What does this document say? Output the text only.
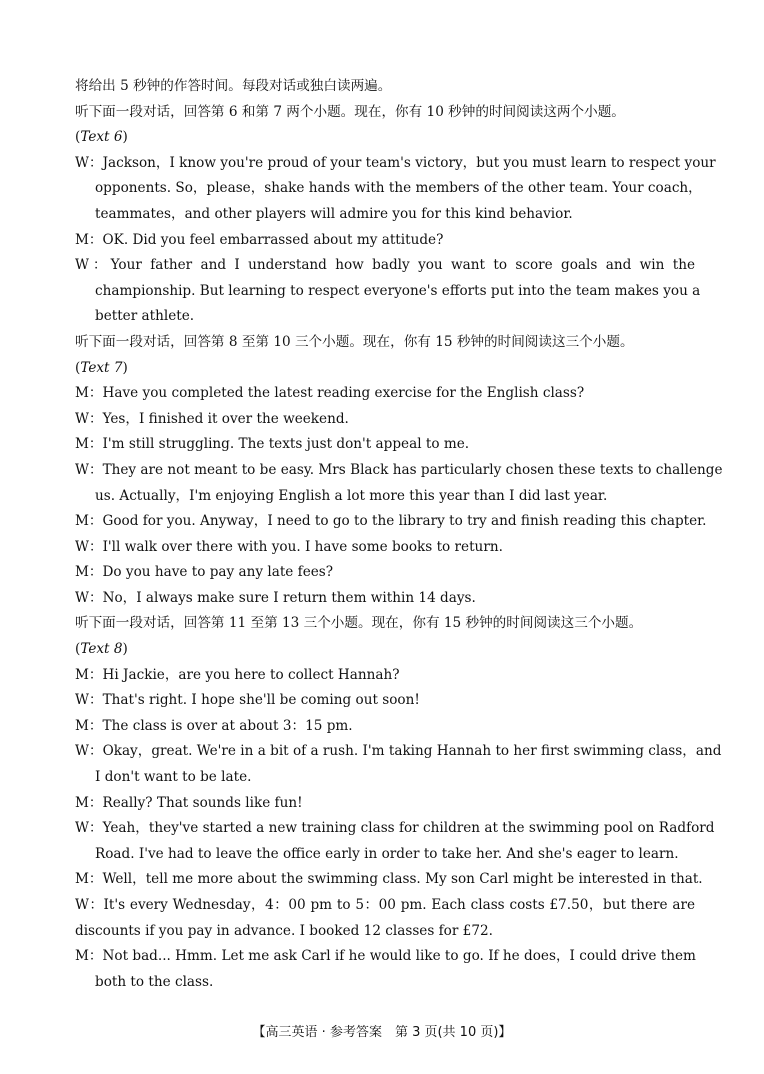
将给出 5 秒钟的作答时间。每段对话或独白读两遍。
听下面一段对话，回答第 6 和第 7 两个小题。现在，你有 10 秒钟的时间阅读这两个小题。
(Text 6)
W：Jackson，I know you're proud of your team's victory，but you must learn to respect your
opponents. So，please，shake hands with the members of the other team. Your coach，
teammates，and other players will admire you for this kind behavior.
M：OK. Did you feel embarrassed about my attitude?
W：Your father and I understand how badly you want to score goals and win the
championship. But learning to respect everyone's efforts put into the team makes you a
better athlete.
听下面一段对话，回答第 8 至第 10 三个小题。现在，你有 15 秒钟的时间阅读这三个小题。
(Text 7)
M：Have you completed the latest reading exercise for the English class?
W：Yes，I finished it over the weekend.
M：I'm still struggling. The texts just don't appeal to me.
W：They are not meant to be easy. Mrs Black has particularly chosen these texts to challenge
us. Actually，I'm enjoying English a lot more this year than I did last year.
M：Good for you. Anyway，I need to go to the library to try and finish reading this chapter.
W：I'll walk over there with you. I have some books to return.
M：Do you have to pay any late fees?
W：No，I always make sure I return them within 14 days.
听下面一段对话，回答第 11 至第 13 三个小题。现在，你有 15 秒钟的时间阅读这三个小题。
(Text 8)
M：Hi Jackie，are you here to collect Hannah?
W：That's right. I hope she'll be coming out soon!
M：The class is over at about 3：15 pm.
W：Okay，great. We're in a bit of a rush. I'm taking Hannah to her first swimming class，and
I don't want to be late.
M：Really? That sounds like fun!
W：Yeah，they've started a new training class for children at the swimming pool on Radford
Road. I've had to leave the office early in order to take her. And she's eager to learn.
M：Well，tell me more about the swimming class. My son Carl might be interested in that.
W：It's every Wednesday，4：00 pm to 5：00 pm. Each class costs £7.50，but there are
discounts if you pay in advance. I booked 12 classes for £72.
M：Not bad... Hmm. Let me ask Carl if he would like to go. If he does，I could drive them
both to the class.
【高三英语 · 参考答案　第 3 页(共 10 页)】
